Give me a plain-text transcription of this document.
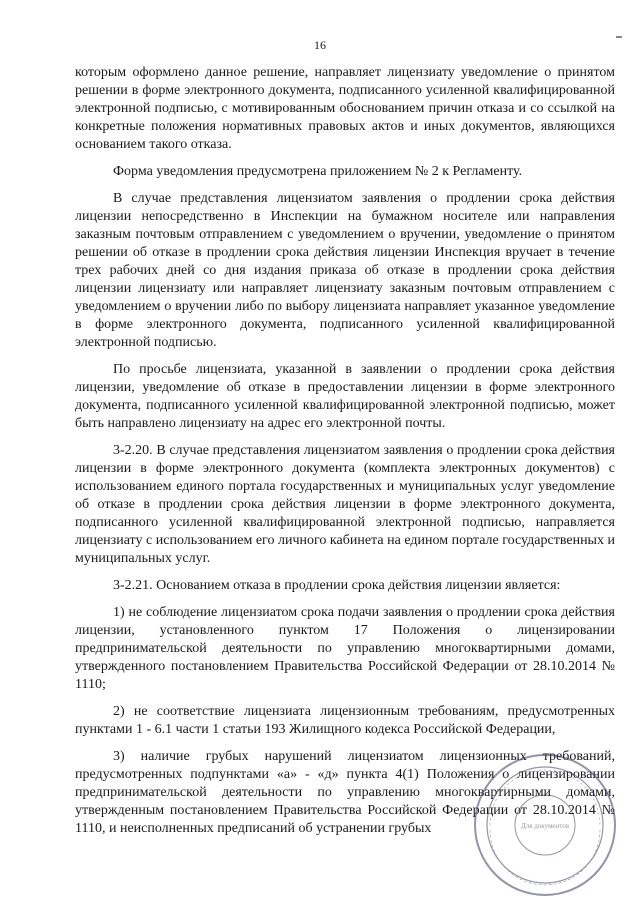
16

которым оформлено данное решение, направляет лицензиату уведомление о принятом решении в форме электронного документа, подписанного усиленной квалифицированной электронной подписью, с мотивированным обоснованием причин отказа и со ссылкой на конкретные положения нормативных правовых актов и иных документов, являющихся основанием такого отказа.

Форма уведомления предусмотрена приложением № 2 к Регламенту.

В случае представления лицензиатом заявления о продлении срока действия лицензии непосредственно в Инспекции на бумажном носителе или направления заказным почтовым отправлением с уведомлением о вручении, уведомление о принятом решении об отказе в продлении срока действия лицензии Инспекция вручает в течение трех рабочих дней со дня издания приказа об отказе в продлении срока действия лицензии лицензиату или направляет лицензиату заказным почтовым отправлением с уведомлением о вручении либо по выбору лицензиата направляет указанное уведомление в форме электронного документа, подписанного усиленной квалифицированной электронной подписью.

По просьбе лицензиата, указанной в заявлении о продлении срока действия лицензии, уведомление об отказе в предоставлении лицензии в форме электронного документа, подписанного усиленной квалифицированной электронной подписью, может быть направлено лицензиату на адрес его электронной почты.

3-2.20. В случае представления лицензиатом заявления о продлении срока действия лицензии в форме электронного документа (комплекта электронных документов) с использованием единого портала государственных и муниципальных услуг уведомление об отказе в продлении срока действия лицензии в форме электронного документа, подписанного усиленной квалифицированной электронной подписью, направляется лицензиату с использованием его личного кабинета на едином портале государственных и муниципальных услуг.

3-2.21. Основанием отказа в продлении срока действия лицензии является:

1) не соблюдение лицензиатом срока подачи заявления о продлении срока действия лицензии, установленного пунктом 17 Положения о лицензировании предпринимательской деятельности по управлению многоквартирными домами, утвержденного постановлением Правительства Российской Федерации от 28.10.2014 № 1110;

2) не соответствие лицензиата лицензионным требованиям, предусмотренных пунктами 1 - 6.1 части 1 статьи 193 Жилищного кодекса Российской Федерации,

3) наличие грубых нарушений лицензиатом лицензионных требований, предусмотренных подпунктами «а» - «д» пункта 4(1) Положения о лицензировании предпринимательской деятельности по управлению многоквартирными домами, утвержденным постановлением Правительства Российской Федерации от 28.10.2014 № 1110, и неисполненных предписаний об устранении грубых	Для документов
